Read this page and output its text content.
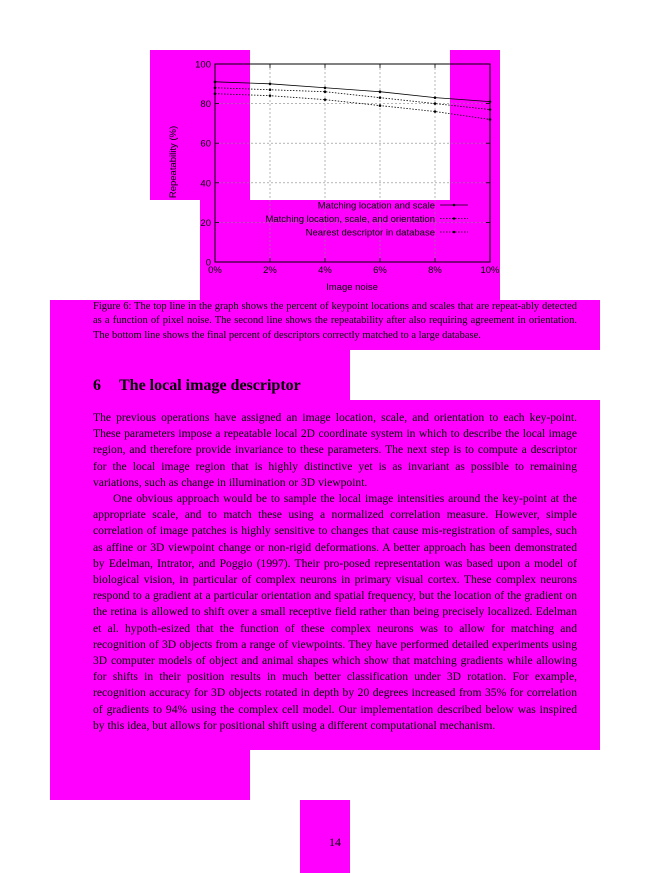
0%	2%	4%	6%	8%	10%
0
20
40
60
80
100
Image noise
Repeatability (%)
Matching location and scale
Matching location, scale, and orientation
Nearest descriptor in database
Figure 6: The top line in the graph shows the percent of keypoint locations and scales that are repeat-ably detected as a function of pixel noise. The second line shows the repeatability after also requiring agreement in orientation. The bottom line shows the final percent of descriptors correctly matched to a large database.
6 The local image descriptor

The previous operations have assigned an image location, scale, and orientation to each key-point. These parameters impose a repeatable local 2D coordinate system in which to describe the local image region, and therefore provide invariance to these parameters. The next step is to compute a descriptor for the local image region that is highly distinctive yet is as invariant as possible to remaining variations, such as change in illumination or 3D viewpoint.

One obvious approach would be to sample the local image intensities around the key-point at the appropriate scale, and to match these using a normalized correlation measure. However, simple correlation of image patches is highly sensitive to changes that cause mis-registration of samples, such as affine or 3D viewpoint change or non-rigid deformations. A better approach has been demonstrated by Edelman, Intrator, and Poggio (1997). Their pro-posed representation was based upon a model of biological vision, in particular of complex neurons in primary visual cortex. These complex neurons respond to a gradient at a particular orientation and spatial frequency, but the location of the gradient on the retina is allowed to shift over a small receptive field rather than being precisely localized. Edelman et al. hypoth-esized that the function of these complex neurons was to allow for matching and recognition of 3D objects from a range of viewpoints. They have performed detailed experiments using 3D computer models of object and animal shapes which show that matching gradients while allowing for shifts in their position results in much better classification under 3D rotation. For example, recognition accuracy for 3D objects rotated in depth by 20 degrees increased from 35% for correlation of gradients to 94% using the complex cell model. Our implementation described below was inspired by this idea, but allows for positional shift using a different computational mechanism.

14
